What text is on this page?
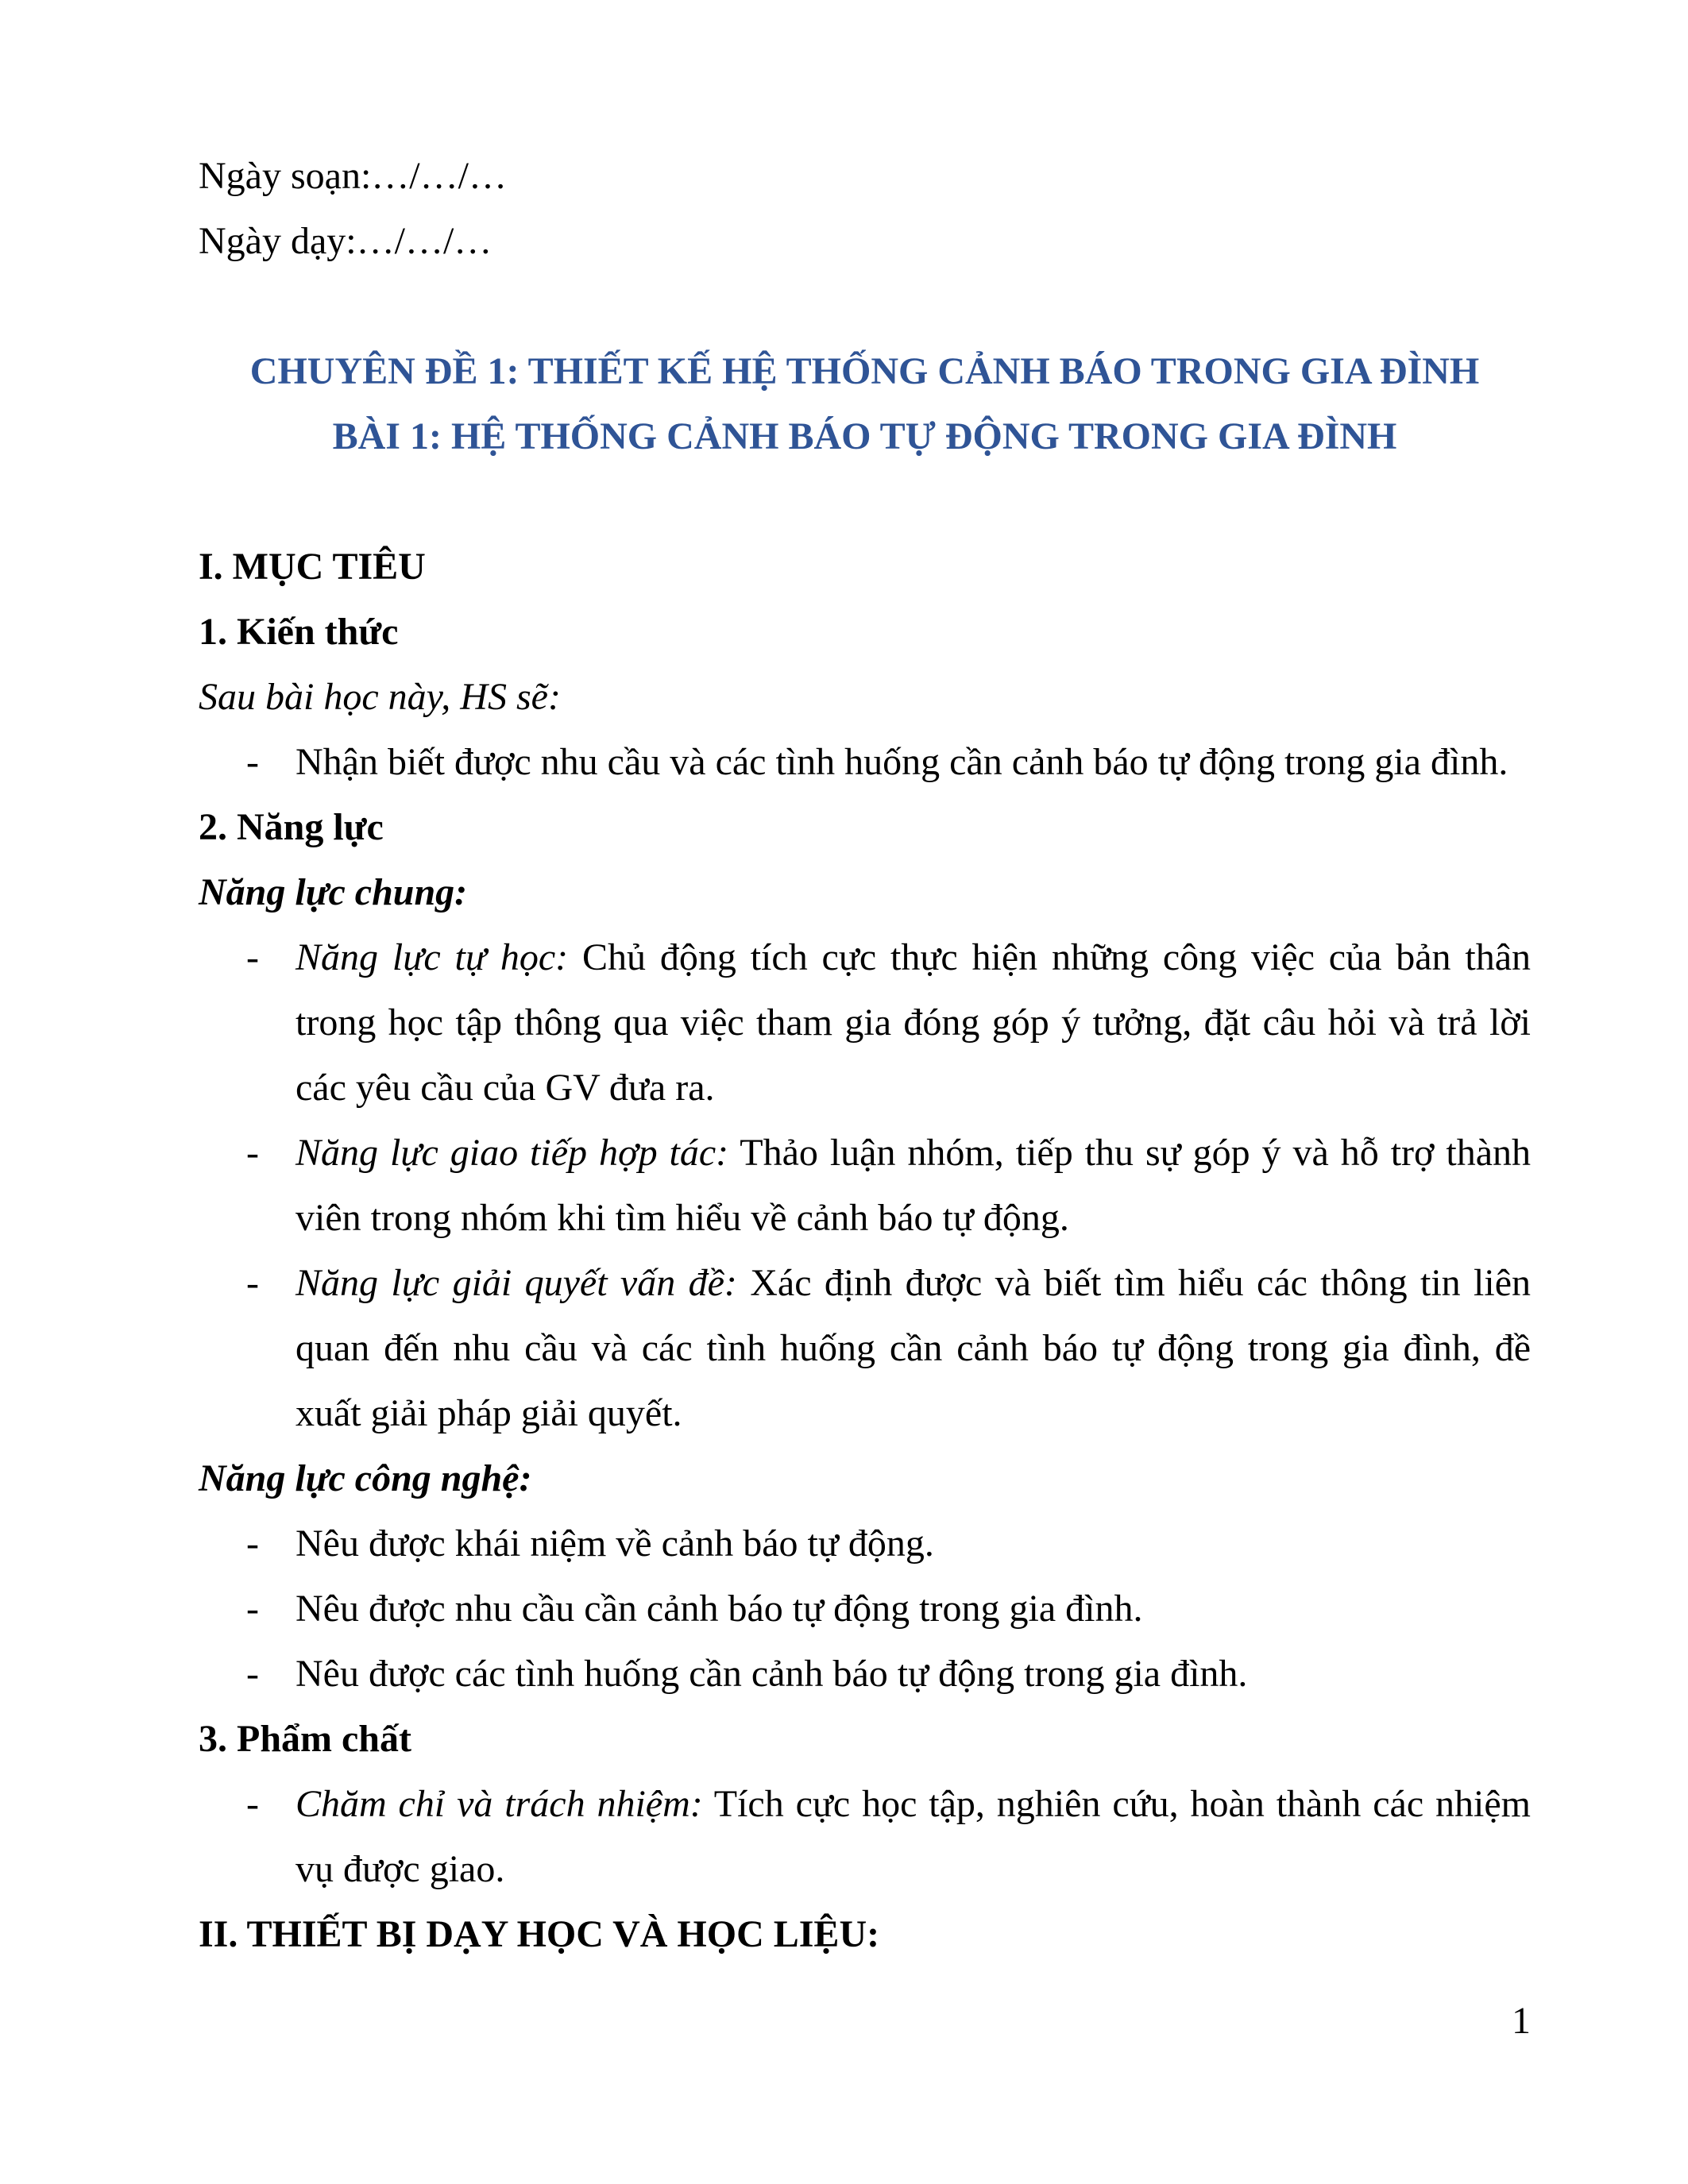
Ngày soạn:…/…/…

Ngày dạy:…/…/…

CHUYÊN ĐỀ 1: THIẾT KẾ HỆ THỐNG CẢNH BÁO TRONG GIA ĐÌNH

BÀI 1: HỆ THỐNG CẢNH BÁO TỰ ĐỘNG TRONG GIA ĐÌNH

I. MỤC TIÊU

1. Kiến thức

Sau bài học này, HS sẽ:

- Nhận biết được nhu cầu và các tình huống cần cảnh báo tự động trong gia đình.

2. Năng lực

Năng lực chung:

- Năng lực tự học: Chủ động tích cực thực hiện những công việc của bản thân trong học tập thông qua việc tham gia đóng góp ý tưởng, đặt câu hỏi và trả lời các yêu cầu của GV đưa ra.
- Năng lực giao tiếp hợp tác: Thảo luận nhóm, tiếp thu sự góp ý và hỗ trợ thành viên trong nhóm khi tìm hiểu về cảnh báo tự động.
- Năng lực giải quyết vấn đề: Xác định được và biết tìm hiểu các thông tin liên quan đến nhu cầu và các tình huống cần cảnh báo tự động trong gia đình, đề xuất giải pháp giải quyết.

Năng lực công nghệ:

- Nêu được khái niệm về cảnh báo tự động.
- Nêu được nhu cầu cần cảnh báo tự động trong gia đình.
- Nêu được các tình huống cần cảnh báo tự động trong gia đình.

3. Phẩm chất

- Chăm chỉ và trách nhiệm: Tích cực học tập, nghiên cứu, hoàn thành các nhiệm vụ được giao.

II. THIẾT BỊ DẠY HỌC VÀ HỌC LIỆU:

1
